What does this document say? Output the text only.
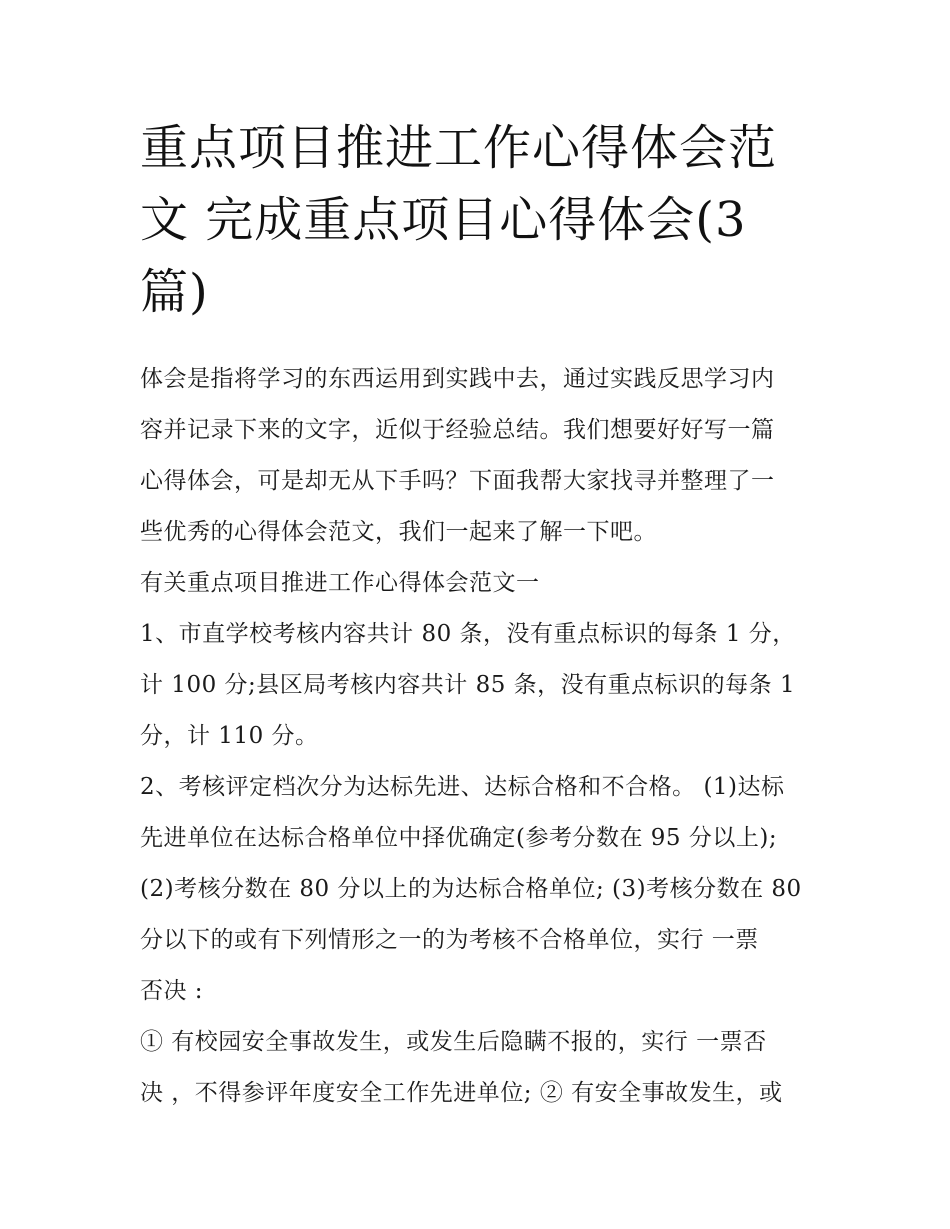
重点项目推进工作心得体会范
文 完成重点项目心得体会(3
篇)

体会是指将学习的东西运用到实践中去，通过实践反思学习内
容并记录下来的文字，近似于经验总结。我们想要好好写一篇
心得体会，可是却无从下手吗？下面我帮大家找寻并整理了一
些优秀的心得体会范文，我们一起来了解一下吧。

有关重点项目推进工作心得体会范文一

1、市直学校考核内容共计 80 条，没有重点标识的每条 1 分，
计 100 分;县区局考核内容共计 85 条，没有重点标识的每条 1
分，计 110 分。

2、考核评定档次分为达标先进、达标合格和不合格。 (1)达标
先进单位在达标合格单位中择优确定(参考分数在 95 分以上);
(2)考核分数在 80 分以上的为达标合格单位; (3)考核分数在 80
分以下的或有下列情形之一的为考核不合格单位，实行 一票
否决 :

① 有校园安全事故发生，或发生后隐瞒不报的，实行 一票否
决 ，不得参评年度安全工作先进单位; ② 有安全事故发生，或
